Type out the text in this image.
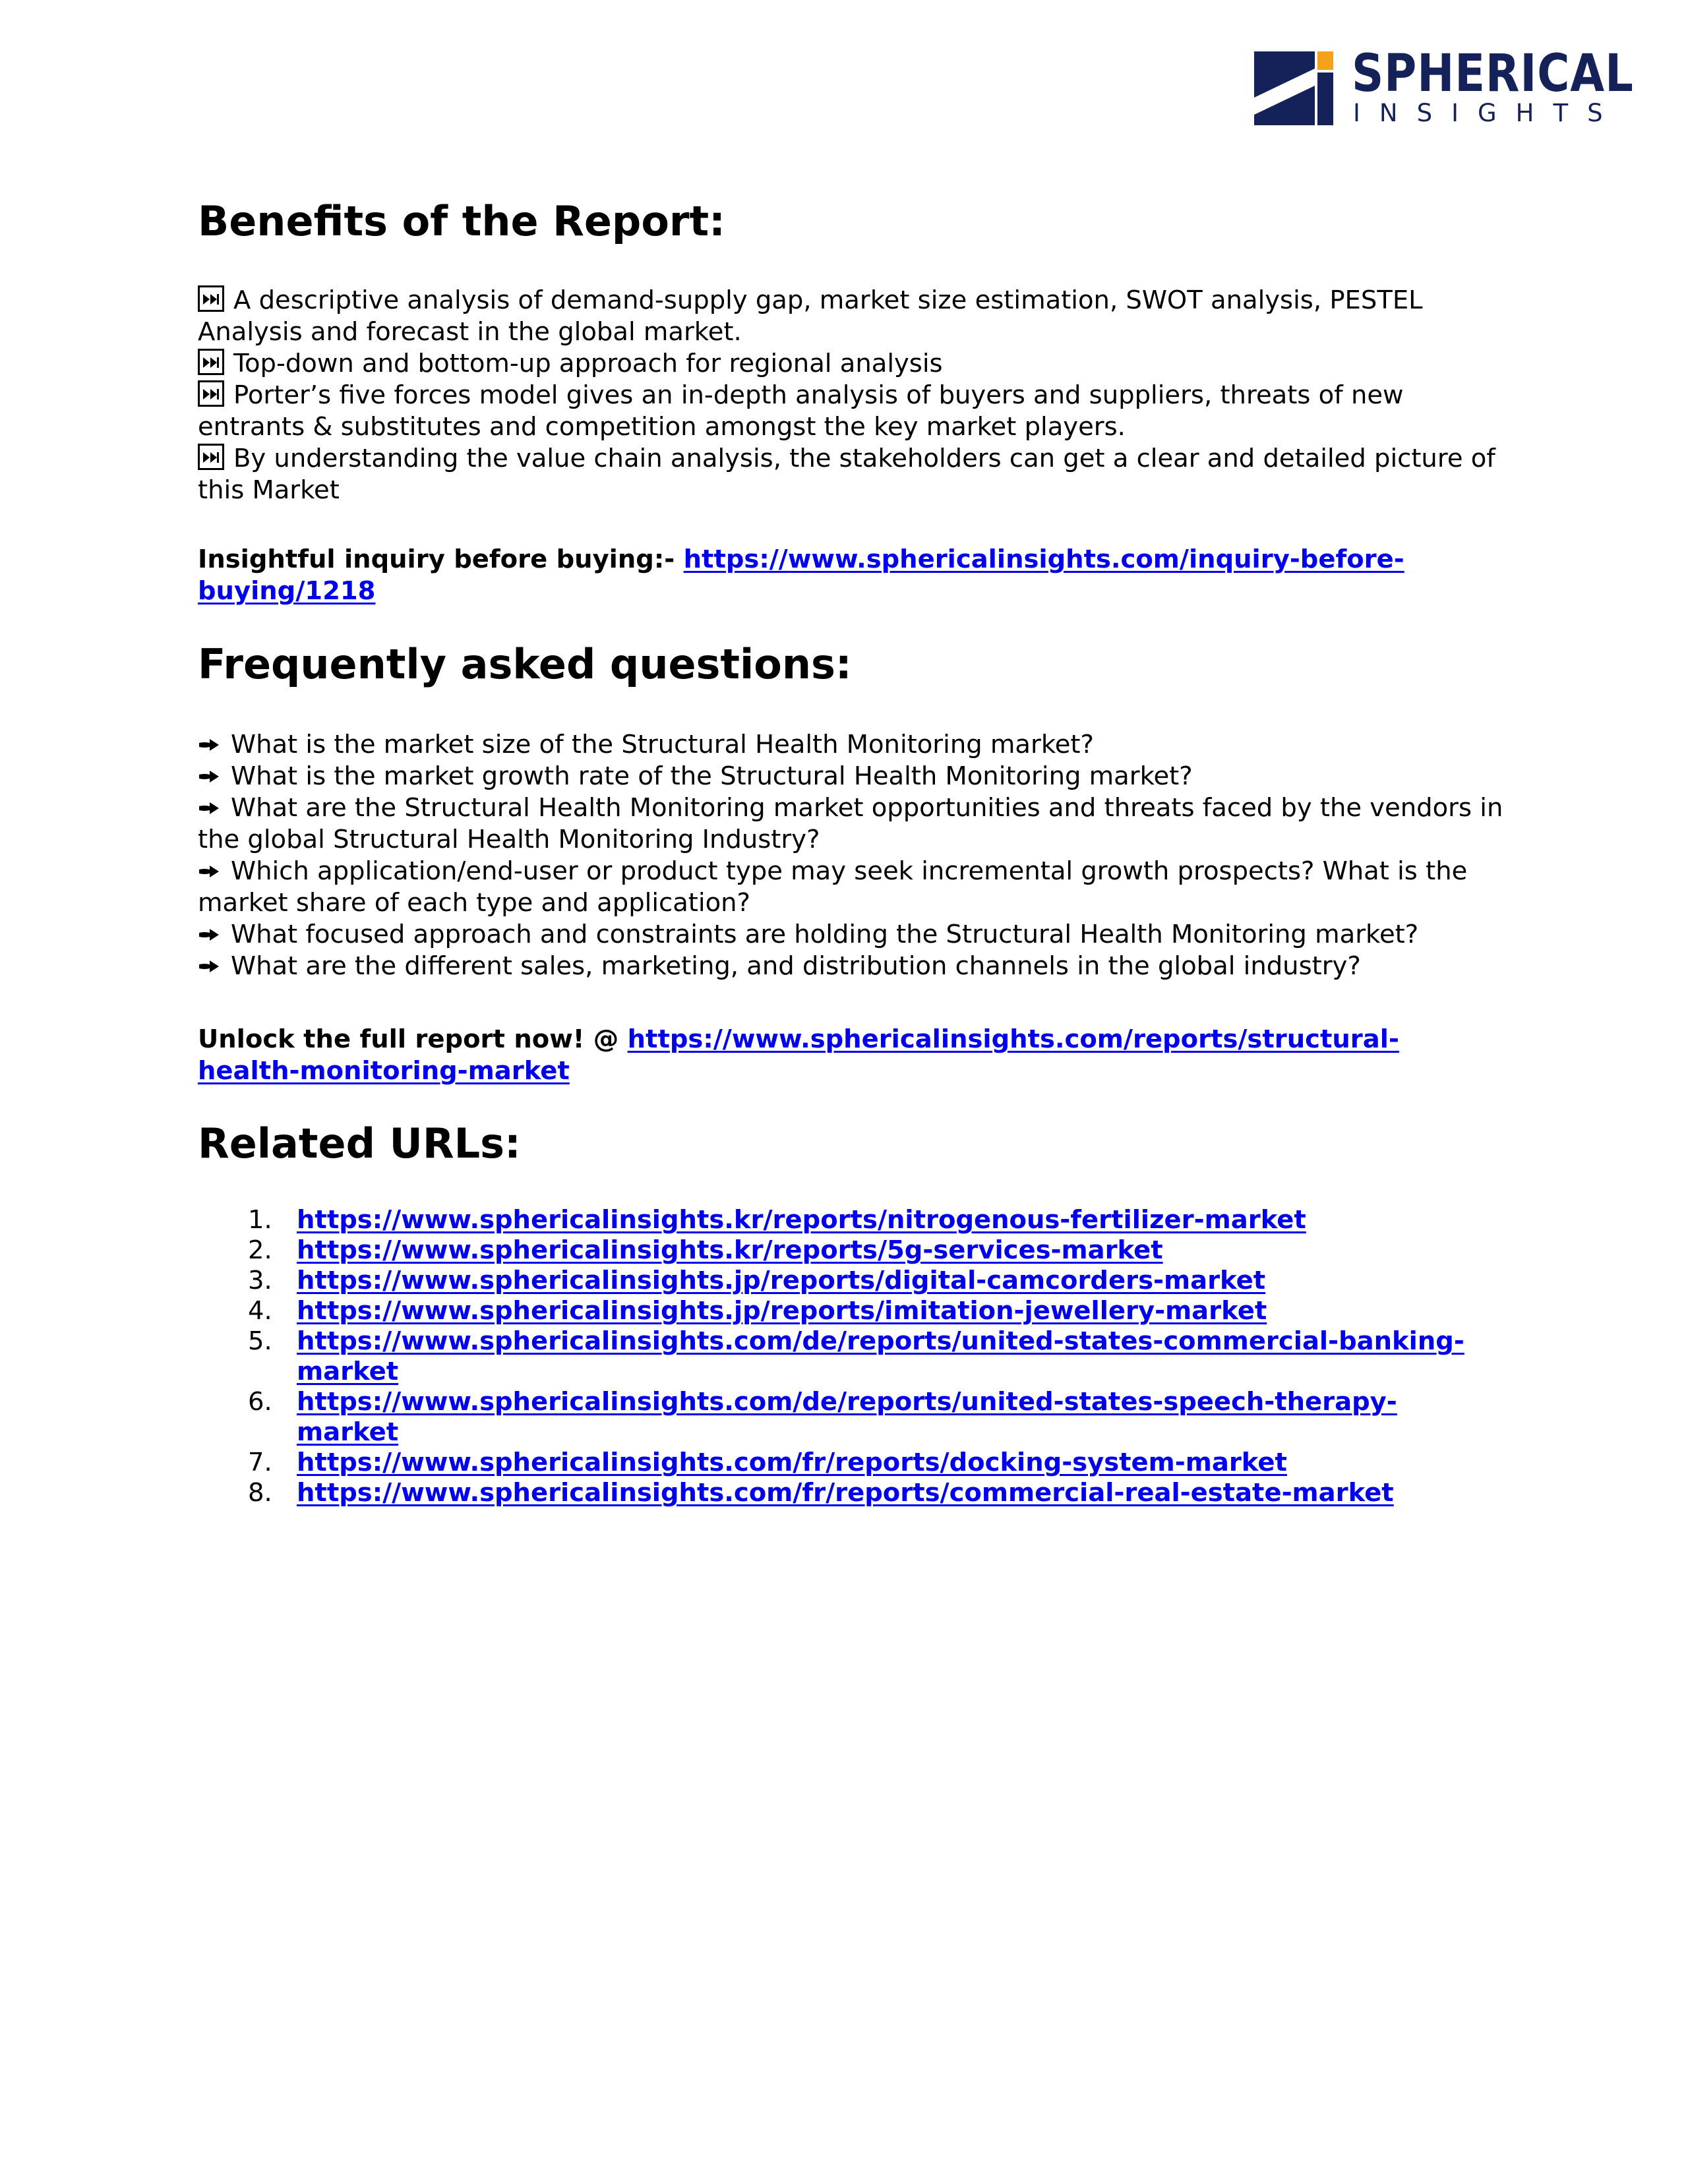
SPHERICAL
INSIGHTS
Benefits of the Report:
A descriptive analysis of demand-supply gap, market size estimation, SWOT analysis, PESTEL
Analysis and forecast in the global market.
Top-down and bottom-up approach for regional analysis
Porter’s five forces model gives an in-depth analysis of buyers and suppliers, threats of new
entrants & substitutes and competition amongst the key market players.
By understanding the value chain analysis, the stakeholders can get a clear and detailed picture of
this Market
Insightful inquiry before buying:- https://www.sphericalinsights.com/inquiry-before-
buying/1218
Frequently asked questions:
What is the market size of the Structural Health Monitoring market?
What is the market growth rate of the Structural Health Monitoring market?
What are the Structural Health Monitoring market opportunities and threats faced by the vendors in
the global Structural Health Monitoring Industry?
Which application/end-user or product type may seek incremental growth prospects? What is the
market share of each type and application?
What focused approach and constraints are holding the Structural Health Monitoring market?
What are the different sales, marketing, and distribution channels in the global industry?
Unlock the full report now! @ https://www.sphericalinsights.com/reports/structural-
health-monitoring-market
Related URLs:
1. https://www.sphericalinsights.kr/reports/nitrogenous-fertilizer-market
2. https://www.sphericalinsights.kr/reports/5g-services-market
3. https://www.sphericalinsights.jp/reports/digital-camcorders-market
4. https://www.sphericalinsights.jp/reports/imitation-jewellery-market
5. https://www.sphericalinsights.com/de/reports/united-states-commercial-banking-
market
6. https://www.sphericalinsights.com/de/reports/united-states-speech-therapy-
market
7. https://www.sphericalinsights.com/fr/reports/docking-system-market
8. https://www.sphericalinsights.com/fr/reports/commercial-real-estate-market
